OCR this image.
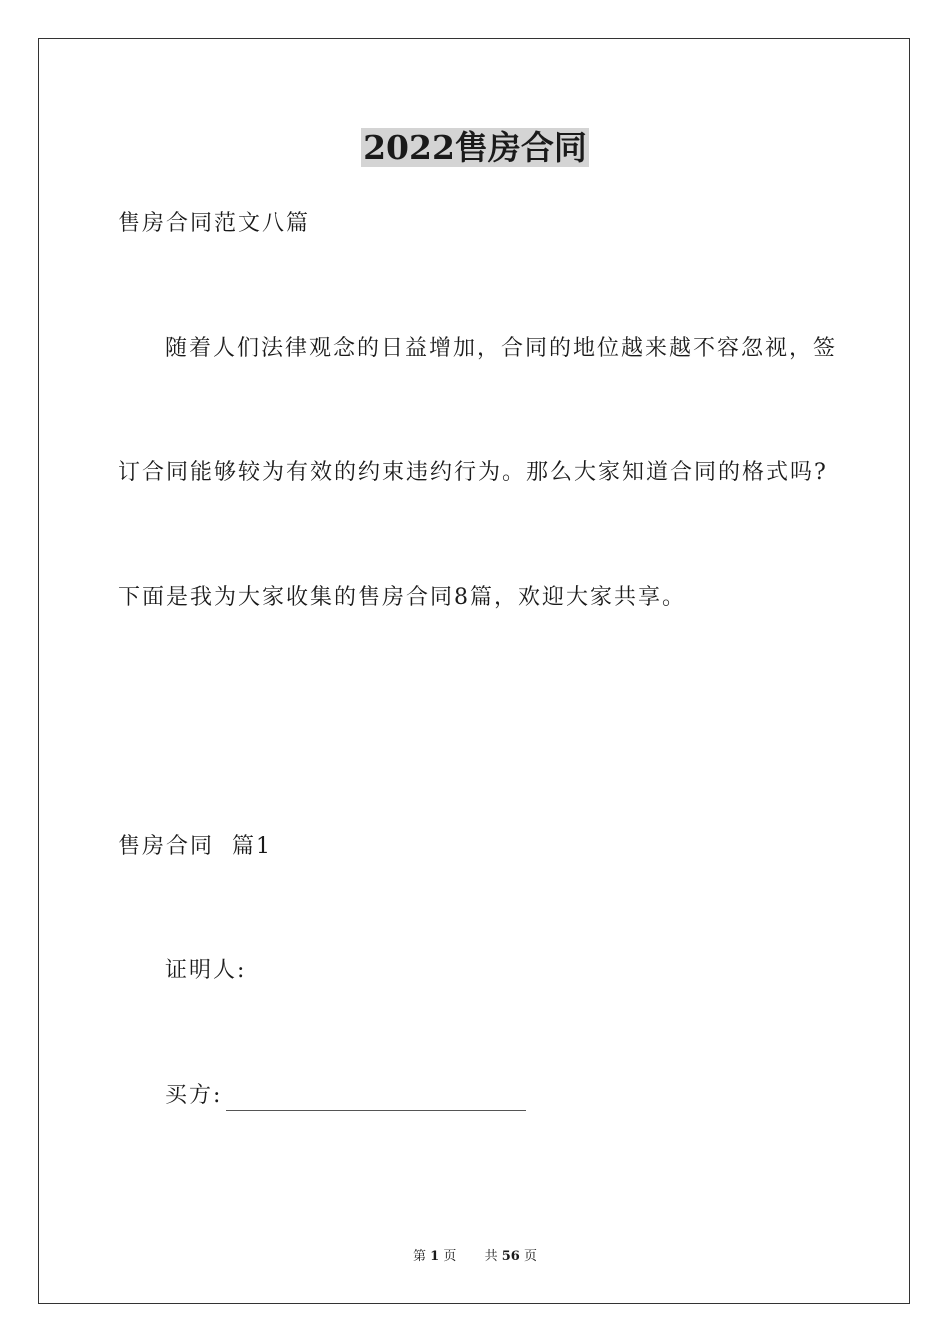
2022售房合同

售房合同范文八篇

随着人们法律观念的日益增加，合同的地位越来越不容忽视，签

订合同能够较为有效的约束违约行为。那么大家知道合同的格式吗?

下面是我为大家收集的售房合同8篇，欢迎大家共享。

售房合同  篇1

证明人:

买方:

第 1 页 共 56 页
